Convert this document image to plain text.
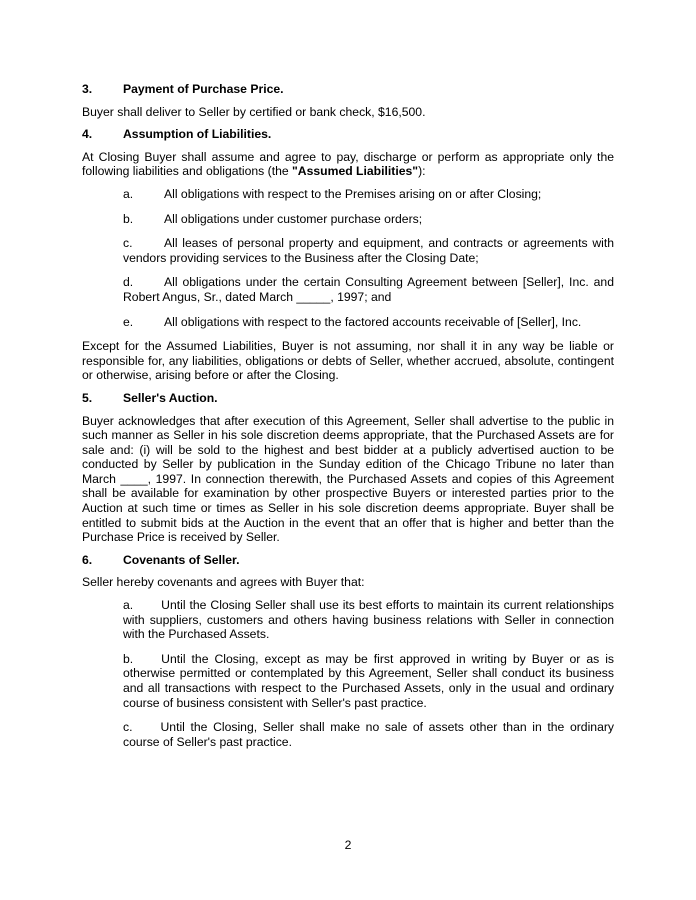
3.	Payment of Purchase Price.

Buyer shall deliver to Seller by certified or bank check, $16,500.

4.	Assumption of Liabilities.

At Closing Buyer shall assume and agree to pay, discharge or perform as appropriate only the following liabilities and obligations (the "Assumed Liabilities"):

a.	All obligations with respect to the Premises arising on or after Closing;
b.	All obligations under customer purchase orders;
c.	All leases of personal property and equipment, and contracts or agreements with vendors providing services to the Business after the Closing Date;
d.	All obligations under the certain Consulting Agreement between [Seller], Inc. and Robert Angus, Sr., dated March _____, 1997; and
e.	All obligations with respect to the factored accounts receivable of [Seller], Inc.

Except for the Assumed Liabilities, Buyer is not assuming, nor shall it in any way be liable or responsible for, any liabilities, obligations or debts of Seller, whether accrued, absolute, contingent or otherwise, arising before or after the Closing.

5.	Seller's Auction.

Buyer acknowledges that after execution of this Agreement, Seller shall advertise to the public in such manner as Seller in his sole discretion deems appropriate, that the Purchased Assets are for sale and: (i) will be sold to the highest and best bidder at a publicly advertised auction to be conducted by Seller by publication in the Sunday edition of the Chicago Tribune no later than March ____, 1997. In connection therewith, the Purchased Assets and copies of this Agreement shall be available for examination by other prospective Buyers or interested parties prior to the Auction at such time or times as Seller in his sole discretion deems appropriate. Buyer shall be entitled to submit bids at the Auction in the event that an offer that is higher and better than the Purchase Price is received by Seller.

6.	Covenants of Seller.

Seller hereby covenants and agrees with Buyer that:

a. Until the Closing Seller shall use its best efforts to maintain its current relationships with suppliers, customers and others having business relations with Seller in connection with the Purchased Assets.
b. Until the Closing, except as may be first approved in writing by Buyer or as is otherwise permitted or contemplated by this Agreement, Seller shall conduct its business and all transactions with respect to the Purchased Assets, only in the usual and ordinary course of business consistent with Seller's past practice.
c. Until the Closing, Seller shall make no sale of assets other than in the ordinary course of Seller's past practice.
2
